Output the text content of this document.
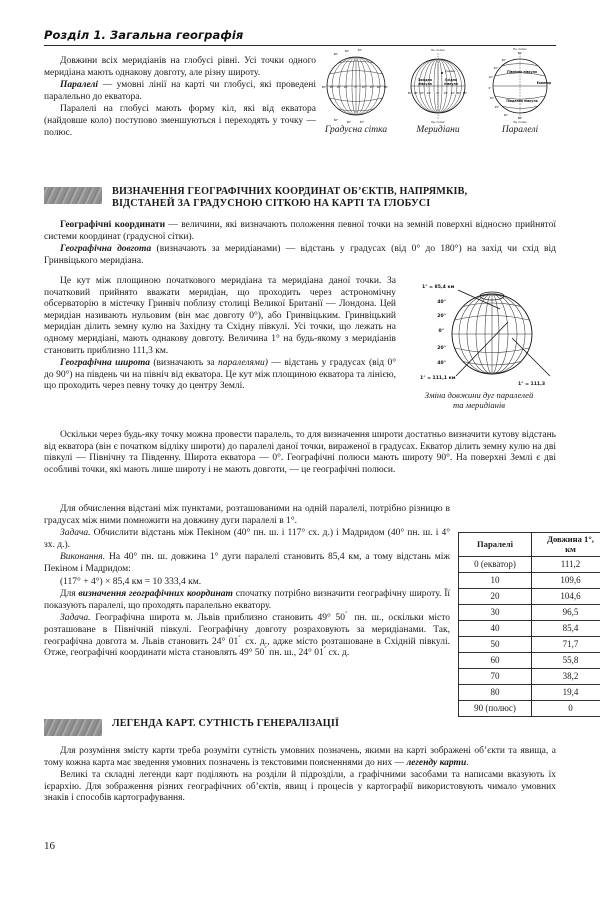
Розділ 1. Загальна географія

Довжини всіх меридіанів на глобусі рівні. Усі точки одного меридіана мають однакову довготу, але різну широту.

Паралелі — умовні лінії на карті чи глобусі, які проведені паралельно до екватора.

Паралелі на глобусі мають форму кіл, які від екватора (найдовше коло) поступово зменшуються і переходять у точку — полюс.

80°
60°	40°
80°
60°	40°
80° 60° 40° 20° 0° 20° 40° 60° 80°
Градусна сітка
Пн. полюс
Пд. полюс
Гринвіч
Західна
півкуля
Східна
півкуля
80° 60° 40° 20° 0° 20° 40° 60° 80°
Меридіани
Пн. полюс
Пд. полюс
80°
60°
40°
20°
0°
20°
40°
60°
80°
Північна півкуля
Південна півкуля
Екватор
Паралелі
ВИЗНАЧЕННЯ ГЕОГРАФІЧНИХ КООРДИНАТ ОБ’ЄКТІВ, НАПРЯМКІВ,
ВІДСТАНЕЙ ЗА ГРАДУСНОЮ СІТКОЮ НА КАРТІ ТА ГЛОБУСІ

Географічні координати — величини, які визначають положення певної точки на земній поверхні відносно прийнятої системи координат (градусної сітки).

Географічна довгота (визначають за меридіанами) — відстань у градусах (від 0° до 180°) на захід чи схід від Гринвіцького меридіана.

Це кут між площиною початкового меридіана та меридіана даної точки. За початковий прийнято вважати меридіан, що проходить через астрономічну обсерваторію в містечку Гринвіч поблизу столиці Великої Британії — Лондона. Цей меридіан називають нульовим (він має довготу 0°), або Гринвіцьким. Гринвіцький меридіан ділить земну кулю на Західну та Східну півкулі. Усі точки, що лежать на одному меридіані, мають однакову довготу. Величина 1° на будь-якому з меридіанів становить приблизно 111,3 км.

Географічна широта (визначають за паралелями) — відстань у градусах (від 0° до 90°) на південь чи на північ від екватора. Це кут між площиною екватора та лінією, що проходить через певну точку до центру Землі.

1° = 85,4 км
1° = 111,1 км
1° = 111,3
40°
20°
0°
20°
40°
Зміна довжини дуг паралелей
та меридіанів

Оскільки через будь-яку точку можна провести паралель, то для визначення широти достатньо визначити кутову відстань від екватора (він є початком відліку широти) до паралелі даної точки, вираженої в градусах. Екватор ділить земну кулю на дві півкулі — Північну та Південну. Широта екватора — 0°. Географічні полюси мають широту 90°. На поверхні Землі є дві особливі точки, які мають лише широту і не мають довготи, — це географічні полюси.

Для обчислення відстані між пунктами, розташованими на одній паралелі, потрібно різницю в градусах між ними помножити на довжину дуги паралелі в 1°.

Задача. Обчислити відстань між Пекіном (40° пн. ш. і 117° сх. д.) і Мадридом (40° пн. ш. і 4° зх. д.).

Виконання. На 40° пн. ш. довжина 1° дуги паралелі становить 85,4 км, а тому відстань між Пекіном і Мадридом:

(117° + 4°) × 85,4 км = 10 333,4 км.

Для визначення географічних координат спочатку потрібно визначити географічну широту. Її показують паралелі, що проходять паралельно екватору.

Задача. Географічна широта м. Львів приблизно становить 49° 50 ́ пн. ш., оскільки місто розташоване в Північній півкулі. Географічну довготу розраховують за меридіанами. Так, географічна довгота м. Львів становить 24° 01 ́ сх. д., адже місто розташоване в Східній півкулі. Отже, географічні координати міста становлять 49° 50 ́ пн. ш., 24° 01 ́ сх. д.

Паралелі	Довжина 1°,
км
0 (екватор)	111,2
10	109,6
20	104,6
30	96,5
40	85,4
50	71,7
60	55,8
70	38,2
80	19,4
90 (полюс)	0
ЛЕГЕНДА КАРТ. СУТНІСТЬ ГЕНЕРАЛІЗАЦІЇ

Для розуміння змісту карти треба розуміти сутність умовних позначень, якими на карті зображені об’єкти та явища, а тому кожна карта має зведення умовних позначень із текстовими поясненнями до них — легенду карти.

Великі та складні легенди карт поділяють на розділи й підрозділи, а графічними засобами та написами вказують їх ієрархію. Для зображення різних географічних об’єктів, явищ і процесів у картографії використовують чимало умовних знаків і способів картографування.

16
